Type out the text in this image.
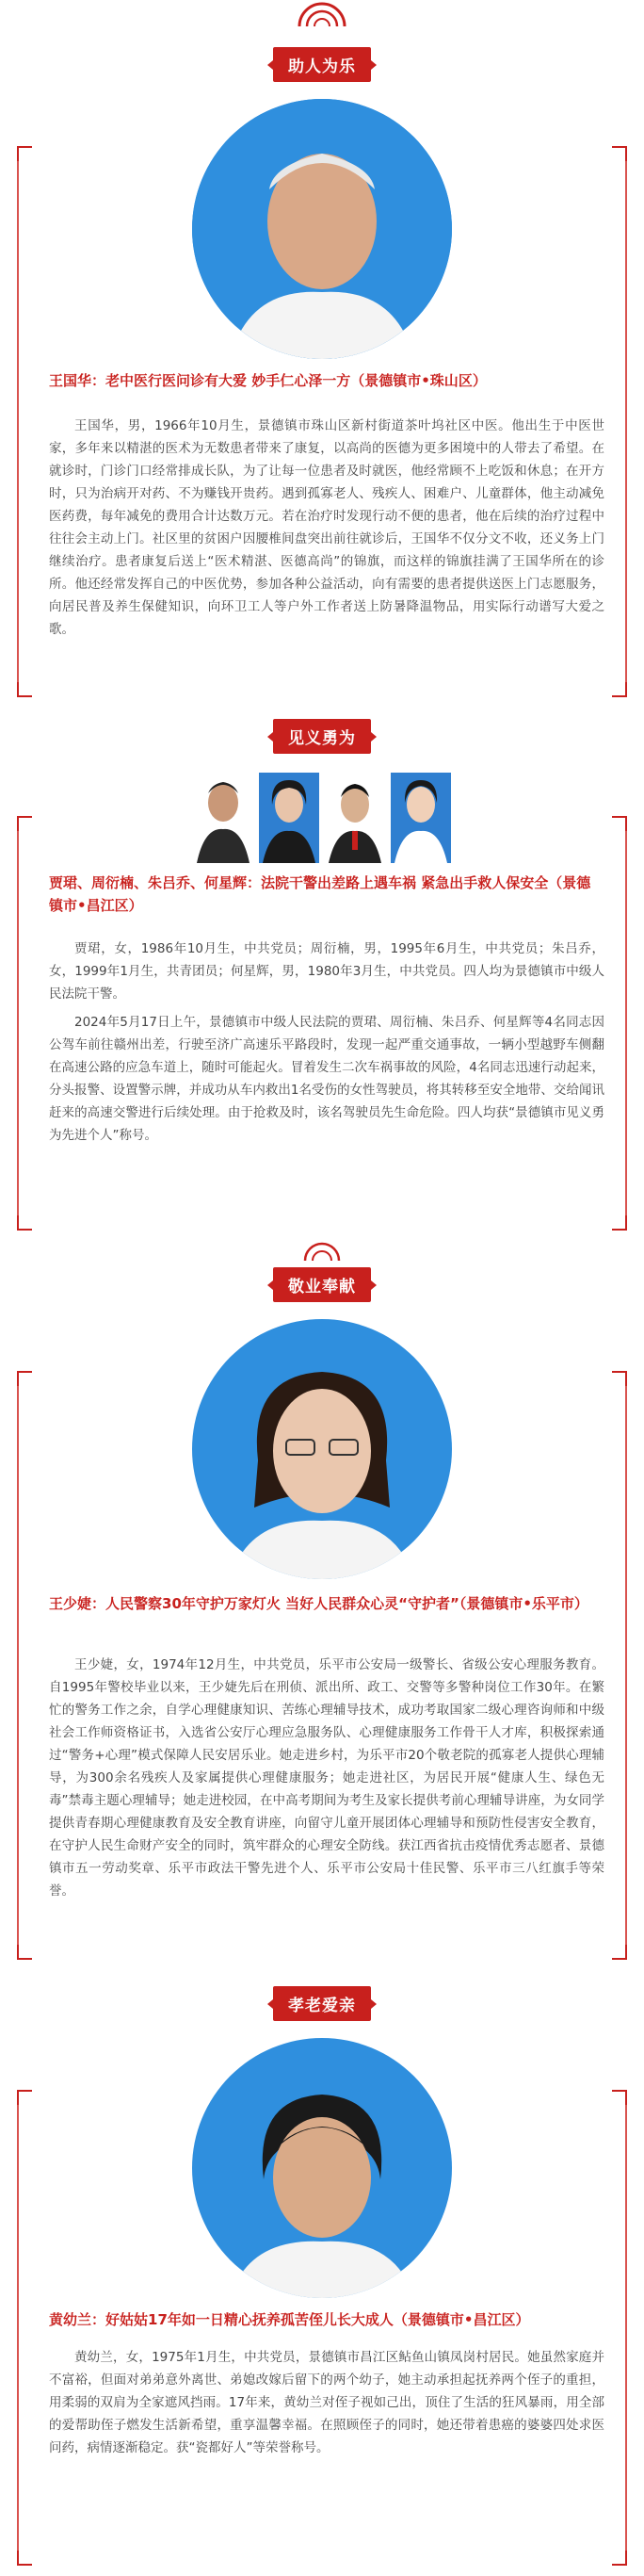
助人为乐
王国华：老中医行医问诊有大爱 妙手仁心泽一方（景德镇市•珠山区）

王国华，男，1966年10月生，景德镇市珠山区新村街道茶叶坞社区中医。他出生于中医世家，多年来以精湛的医术为无数患者带来了康复，以高尚的医德为更多困境中的人带去了希望。在就诊时，门诊门口经常排成长队，为了让每一位患者及时就医，他经常顾不上吃饭和休息；在开方时，只为治病开对药、不为赚钱开贵药。遇到孤寡老人、残疾人、困难户、儿童群体，他主动减免医药费，每年减免的费用合计达数万元。若在治疗时发现行动不便的患者，他在后续的治疗过程中往往会主动上门。社区里的贫困户因腰椎间盘突出前往就诊后，王国华不仅分文不收，还义务上门继续治疗。患者康复后送上“医术精湛、医德高尚”的锦旗，而这样的锦旗挂满了王国华所在的诊所。他还经常发挥自己的中医优势，参加各种公益活动，向有需要的患者提供送医上门志愿服务，向居民普及养生保健知识，向环卫工人等户外工作者送上防暑降温物品，用实际行动谱写大爱之歌。

见义勇为
贾珺、周衍楠、朱吕乔、何星辉：法院干警出差路上遇车祸 紧急出手救人保安全（景德镇市•昌江区）

贾珺，女，1986年10月生，中共党员；周衍楠，男，1995年6月生，中共党员；朱吕乔，女，1999年1月生，共青团员；何星辉，男，1980年3月生，中共党员。四人均为景德镇市中级人民法院干警。

2024年5月17日上午，景德镇市中级人民法院的贾珺、周衍楠、朱吕乔、何星辉等4名同志因公驾车前往赣州出差，行驶至济广高速乐平路段时，发现一起严重交通事故，一辆小型越野车侧翻在高速公路的应急车道上，随时可能起火。冒着发生二次车祸事故的风险，4名同志迅速行动起来，分头报警、设置警示牌，并成功从车内救出1名受伤的女性驾驶员，将其转移至安全地带、交给闻讯赶来的高速交警进行后续处理。由于抢救及时，该名驾驶员先生命危险。四人均获“景德镇市见义勇为先进个人”称号。

敬业奉献
王少婕：人民警察30年守护万家灯火 当好人民群众心灵“守护者”（景德镇市•乐平市）

王少婕，女，1974年12月生，中共党员，乐平市公安局一级警长、省级公安心理服务教育。自1995年警校毕业以来，王少婕先后在刑侦、派出所、政工、交警等多警种岗位工作30年。在繁忙的警务工作之余，自学心理健康知识、苦练心理辅导技术，成功考取国家二级心理咨询师和中级社会工作师资格证书，入选省公安厅心理应急服务队、心理健康服务工作骨干人才库，积极探索通过“警务+心理”模式保障人民安居乐业。她走进乡村，为乐平市20个敬老院的孤寡老人提供心理辅导，为300余名残疾人及家属提供心理健康服务；她走进社区，为居民开展“健康人生、绿色无毒”禁毒主题心理辅导；她走进校园，在中高考期间为考生及家长提供考前心理辅导讲座，为女同学提供青春期心理健康教育及安全教育讲座，向留守儿童开展团体心理辅导和预防性侵害安全教育，在守护人民生命财产安全的同时，筑牢群众的心理安全防线。获江西省抗击疫情优秀志愿者、景德镇市五一劳动奖章、乐平市政法干警先进个人、乐平市公安局十佳民警、乐平市三八红旗手等荣誉。

孝老爱亲
黄幼兰：好姑姑17年如一日精心抚养孤苦侄儿长大成人（景德镇市•昌江区）

黄幼兰，女，1975年1月生，中共党员，景德镇市昌江区鲇鱼山镇凤岗村居民。她虽然家庭并不富裕，但面对弟弟意外离世、弟媳改嫁后留下的两个幼子，她主动承担起抚养两个侄子的重担，用柔弱的双肩为全家遮风挡雨。17年来，黄幼兰对侄子视如己出，顶住了生活的狂风暴雨，用全部的爱帮助侄子燃发生活新希望，重享温馨幸福。在照顾侄子的同时，她还带着患癌的婆婆四处求医问药，病情逐渐稳定。获“瓷都好人”等荣誉称号。
